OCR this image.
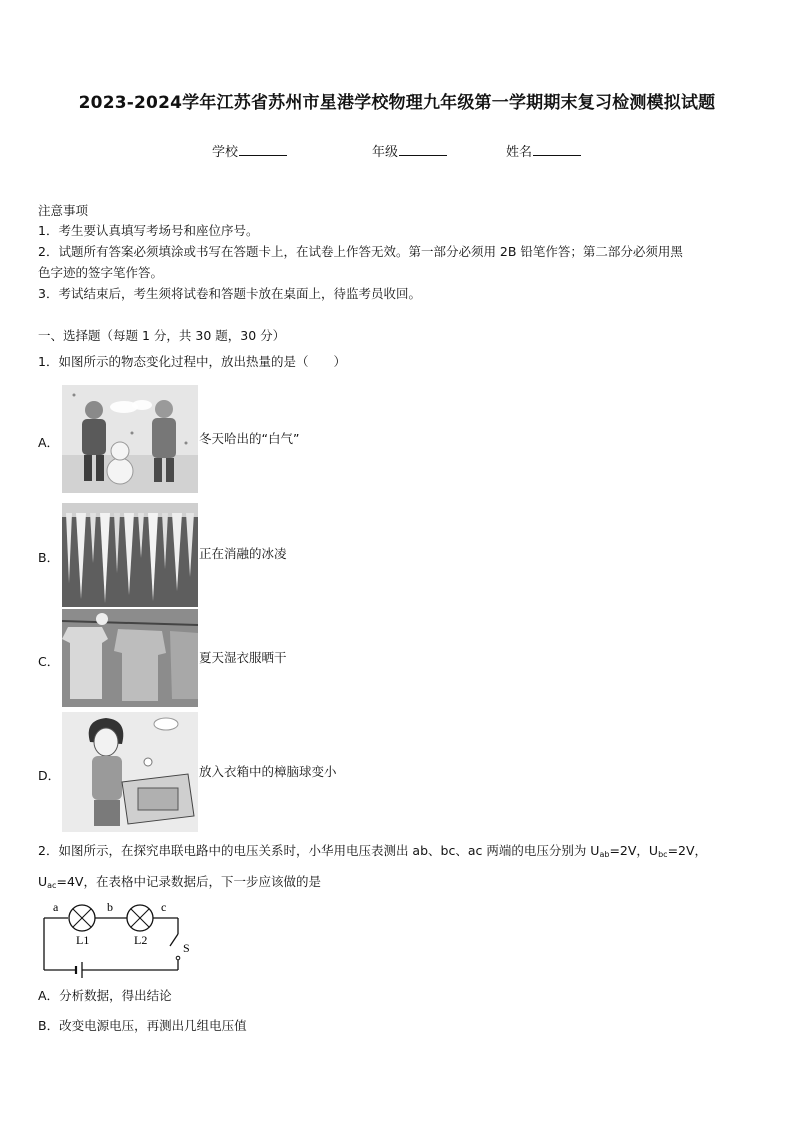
2023-2024学年江苏省苏州市星港学校物理九年级第一学期期末复习检测模拟试题
学校	年级	姓名
注意事项
1．考生要认真填写考场号和座位序号。
2．试题所有答案必须填涂或书写在答题卡上，在试卷上作答无效。第一部分必须用 2B 铅笔作答；第二部分必须用黑
色字迹的签字笔作答。
3．考试结束后，考生须将试卷和答题卡放在桌面上，待监考员收回。
一、选择题（每题 1 分，共 30 题，30 分）
1．如图所示的物态变化过程中，放出热量的是（　　）
A．	冬天哈出的“白气”
B．	正在消融的冰凌
C．	夏天湿衣服晒干
D．	放入衣箱中的樟脑球变小
2．如图所示，在探究串联电路中的电压关系时，小华用电压表测出 ab、bc、ac 两端的电压分别为 $U_{ab}=2V$，$U_{bc}=2V$，
$U_{ac}=4V$，在表格中记录数据后，下一步应该做的是
a	b	c
L1	L2
S
A．分析数据，得出结论
B．改变电源电压，再测出几组电压值
